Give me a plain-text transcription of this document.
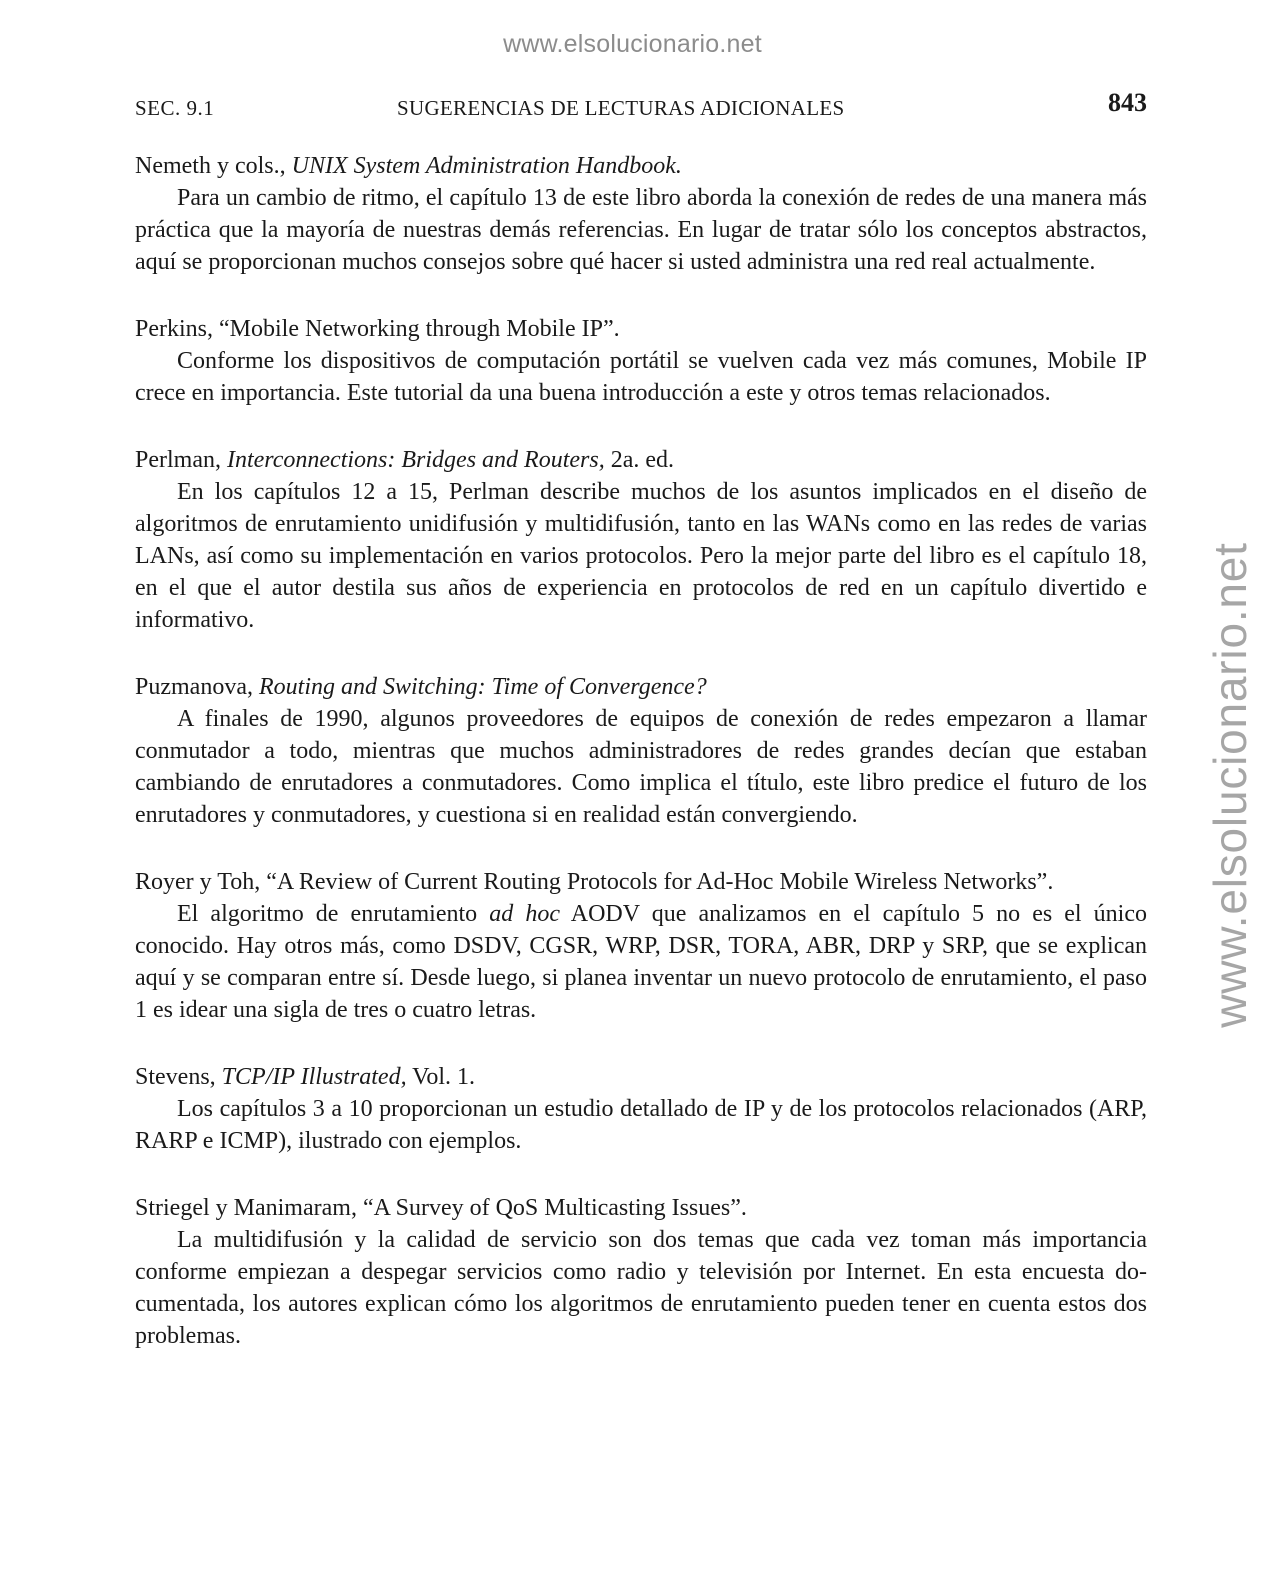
www.elsolucionario.net
www.elsolucionario.net
SEC. 9.1	SUGERENCIAS DE LECTURAS ADICIONALES	843

Nemeth y cols., UNIX System Administration Handbook.

Para un cambio de ritmo, el capítulo 13 de este libro aborda la conexión de redes de una manera más práctica que la mayoría de nuestras demás referencias. En lugar de tratar sólo los conceptos abstractos, aquí se proporcionan muchos consejos sobre qué hacer si usted administra una red real actualmente.

Perkins, “Mobile Networking through Mobile IP”.

Conforme los dispositivos de computación portátil se vuelven cada vez más comunes, Mobile IP crece en importancia. Este tutorial da una buena introducción a este y otros temas relacionados.

Perlman, Interconnections: Bridges and Routers, 2a. ed.

En los capítulos 12 a 15, Perlman describe muchos de los asuntos implicados en el diseño de algoritmos de enrutamiento unidifusión y multidifusión, tanto en las WANs como en las redes de varias LANs, así como su implementación en varios protocolos. Pero la mejor parte del libro es el capítulo 18, en el que el autor destila sus años de experiencia en protocolos de red en un capítulo divertido e informativo.

Puzmanova, Routing and Switching: Time of Convergence?

A finales de 1990, algunos proveedores de equipos de conexión de redes empezaron a llamar conmutador a todo, mientras que muchos administradores de redes grandes decían que estaban cambiando de enrutadores a conmutadores. Como implica el título, este libro predice el futuro de los enrutadores y conmutadores, y cuestiona si en realidad están convergiendo.

Royer y Toh, “A Review of Current Routing Protocols for Ad-Hoc Mobile Wireless Networks”.

El algoritmo de enrutamiento ad hoc AODV que analizamos en el capítulo 5 no es el único conocido. Hay otros más, como DSDV, CGSR, WRP, DSR, TORA, ABR, DRP y SRP, que se explican aquí y se comparan entre sí. Desde luego, si planea inventar un nuevo protocolo de enrutamiento, el paso 1 es idear una sigla de tres o cuatro letras.

Stevens, TCP/IP Illustrated, Vol. 1.

Los capítulos 3 a 10 proporcionan un estudio detallado de IP y de los protocolos relacionados (ARP, RARP e ICMP), ilustrado con ejemplos.

Striegel y Manimaram, “A Survey of QoS Multicasting Issues”.

La multidifusión y la calidad de servicio son dos temas que cada vez toman más importancia conforme empiezan a despegar servicios como radio y televisión por Internet. En esta encuesta documentada, los autores explican cómo los algoritmos de enrutamiento pueden tener en cuenta estos dos problemas.
